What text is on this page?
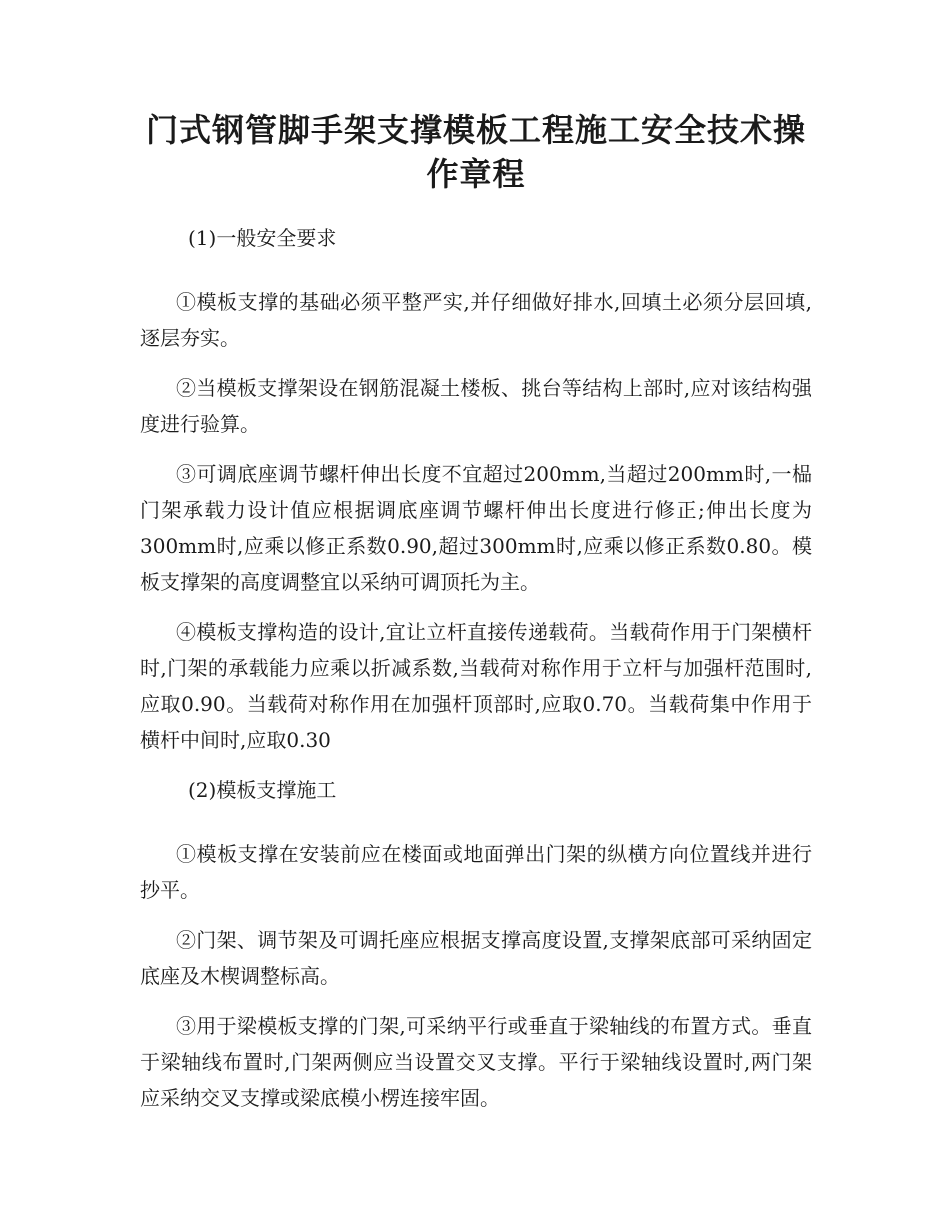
门式钢管脚手架支撑模板工程施工安全技术操作章程
(1)一般安全要求

①模板支撑的基础必须平整严实,并仔细做好排水,回填土必须分层回填,逐层夯实。

②当模板支撑架设在钢筋混凝土楼板、挑台等结构上部时,应对该结构强度进行验算。

③可调底座调节螺杆伸出长度不宜超过200mm,当超过200mm时,一榀门架承载力设计值应根据调底座调节螺杆伸出长度进行修正;伸出长度为300mm时,应乘以修正系数0.90,超过300mm时,应乘以修正系数0.80。模板支撑架的高度调整宜以采纳可调顶托为主。

④模板支撑构造的设计,宜让立杆直接传递载荷。当载荷作用于门架横杆时,门架的承载能力应乘以折减系数,当载荷对称作用于立杆与加强杆范围时,应取0.90。当载荷对称作用在加强杆顶部时,应取0.70。当载荷集中作用于横杆中间时,应取0.30

(2)模板支撑施工

①模板支撑在安装前应在楼面或地面弹出门架的纵横方向位置线并进行抄平。

②门架、调节架及可调托座应根据支撑高度设置,支撑架底部可采纳固定底座及木楔调整标高。

③用于梁模板支撑的门架,可采纳平行或垂直于梁轴线的布置方式。垂直于梁轴线布置时,门架两侧应当设置交叉支撑。平行于梁轴线设置时,两门架应采纳交叉支撑或梁底模小楞连接牢固。
